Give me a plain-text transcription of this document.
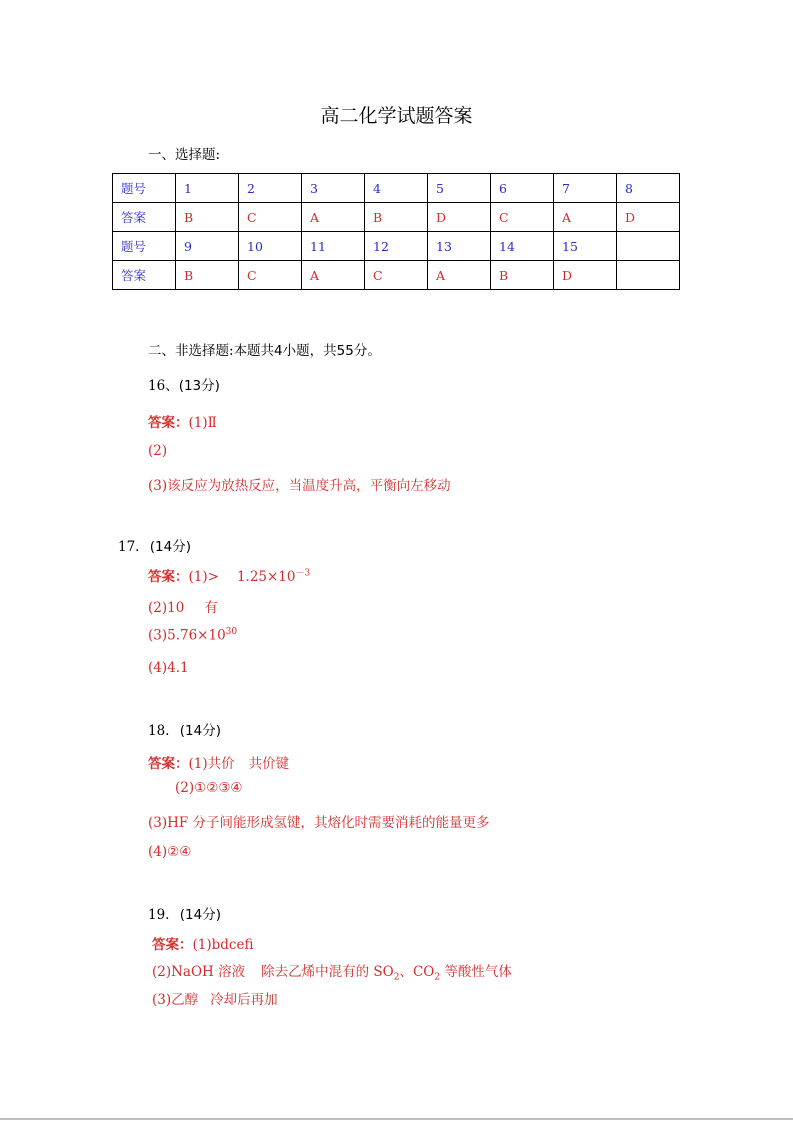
高二化学试题答案
一、选择题:
题号	1	2	3	4	5	6	7	8
答案	B	C	A	B	D	C	A	D
题号	9	10	11	12	13	14	15	
答案	B	C	A	C	A	B	D	
二、非选择题:本题共4小题，共55分。
16、(13分)
答案：(1)Ⅱ
(2)
(3)该反应为放热反应，当温度升高，平衡向左移动
17. (14分)
答案：$(1)> 1.25\times 10^{-3}$
(2)10 有
$(3)5.76\times 10^{30}$
(4)4.1
18. (14分)
答案：(1)共价 共价键
(2)①②③④
(3)HF 分子间能形成氢键，其熔化时需要消耗的能量更多
(4)②④
19. (14分)
答案：(1)bdcefi
(2)NaOH 溶液 除去乙烯中混有的 $SO_2$、$CO_2$ 等酸性气体
(3)乙醇 冷却后再加
